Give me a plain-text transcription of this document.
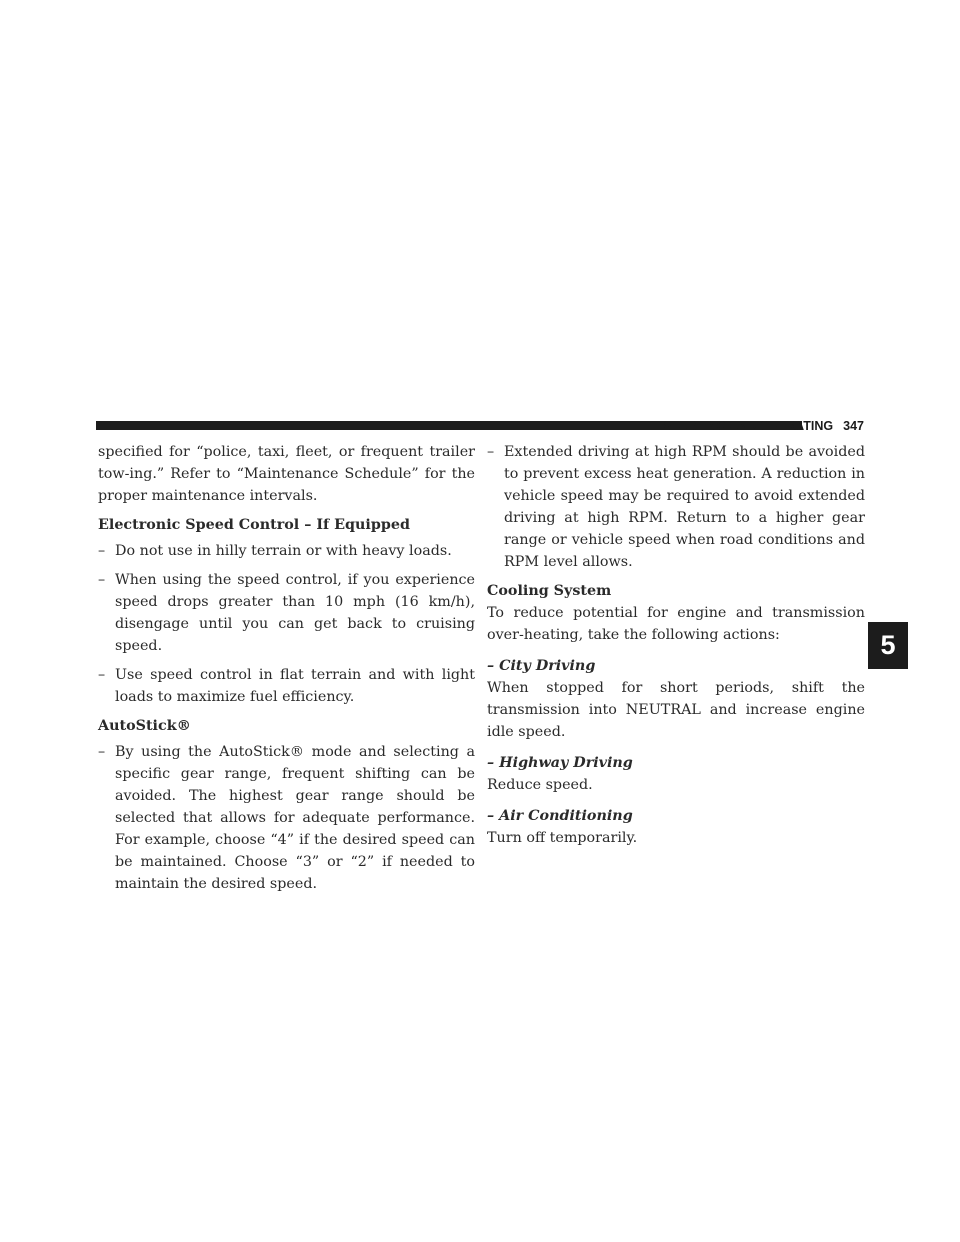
STARTING AND OPERATING 347
5

specified for “police, taxi, fleet, or frequent trailer tow-ing.” Refer to “Maintenance Schedule” for the proper maintenance intervals.

Electronic Speed Control – If Equipped

– Do not use in hilly terrain or with heavy loads.
– When using the speed control, if you experience speed drops greater than 10 mph (16 km/h), disengage until you can get back to cruising speed.
– Use speed control in flat terrain and with light loads to maximize fuel efficiency.

AutoStick®

– By using the AutoStick® mode and selecting a specific gear range, frequent shifting can be avoided. The highest gear range should be selected that allows for adequate performance. For example, choose “4” if the desired speed can be maintained. Choose “3” or “2” if needed to maintain the desired speed.
– Extended driving at high RPM should be avoided to prevent excess heat generation. A reduction in vehicle speed may be required to avoid extended driving at high RPM. Return to a higher gear range or vehicle speed when road conditions and RPM level allows.

Cooling System

To reduce potential for engine and transmission over-heating, take the following actions:

– City Driving

When stopped for short periods, shift the transmission into NEUTRAL and increase engine idle speed.

– Highway Driving

Reduce speed.

– Air Conditioning

Turn off temporarily.
